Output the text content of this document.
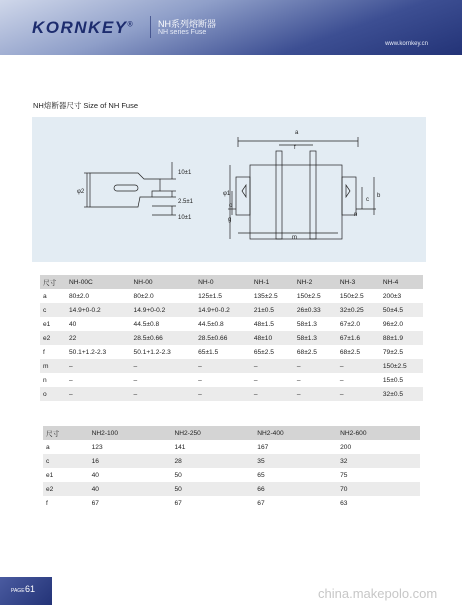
KORNKEY®	NH系列熔断器
NH series Fuse
www.kornkey.cn
NH熔断器尺寸 Size of NH Fuse
φ2
10±1
2.5±1
10±1
a
f
φ1
o
g
b
c
n
m
尺寸	NH-00C	NH-00	NH-0	NH-1	NH-2	NH-3	NH-4
a	80±2.0	80±2.0	125±1.5	135±2.5	150±2.5	150±2.5	200±3
c	14.9+0-0.2	14.9+0-0.2	14.9+0-0.2	21±0.5	26±0.33	32±0.25	50±4.5
e1	40	44.5±0.8	44.5±0.8	48±1.5	58±1.3	67±2.0	96±2.0
e2	22	28.5±0.66	28.5±0.66	48±10	58±1.3	67±1.6	88±1.9
f	50.1+1.2-2.3	50.1+1.2-2.3	65±1.5	65±2.5	68±2.5	68±2.5	79±2.5
m	–	–	–	–	–	–	150±2.5
n	–	–	–	–	–	–	15±0.5
o	–	–	–	–	–	–	32±0.5
尺寸	NH2-100	NH2-250	NH2-400	NH2-600
a	123	141	167	200
c	16	28	35	32
e1	40	50	65	75
e2	40	50	66	70
f	67	67	67	63
PAGE 61	china.makepolo.com
